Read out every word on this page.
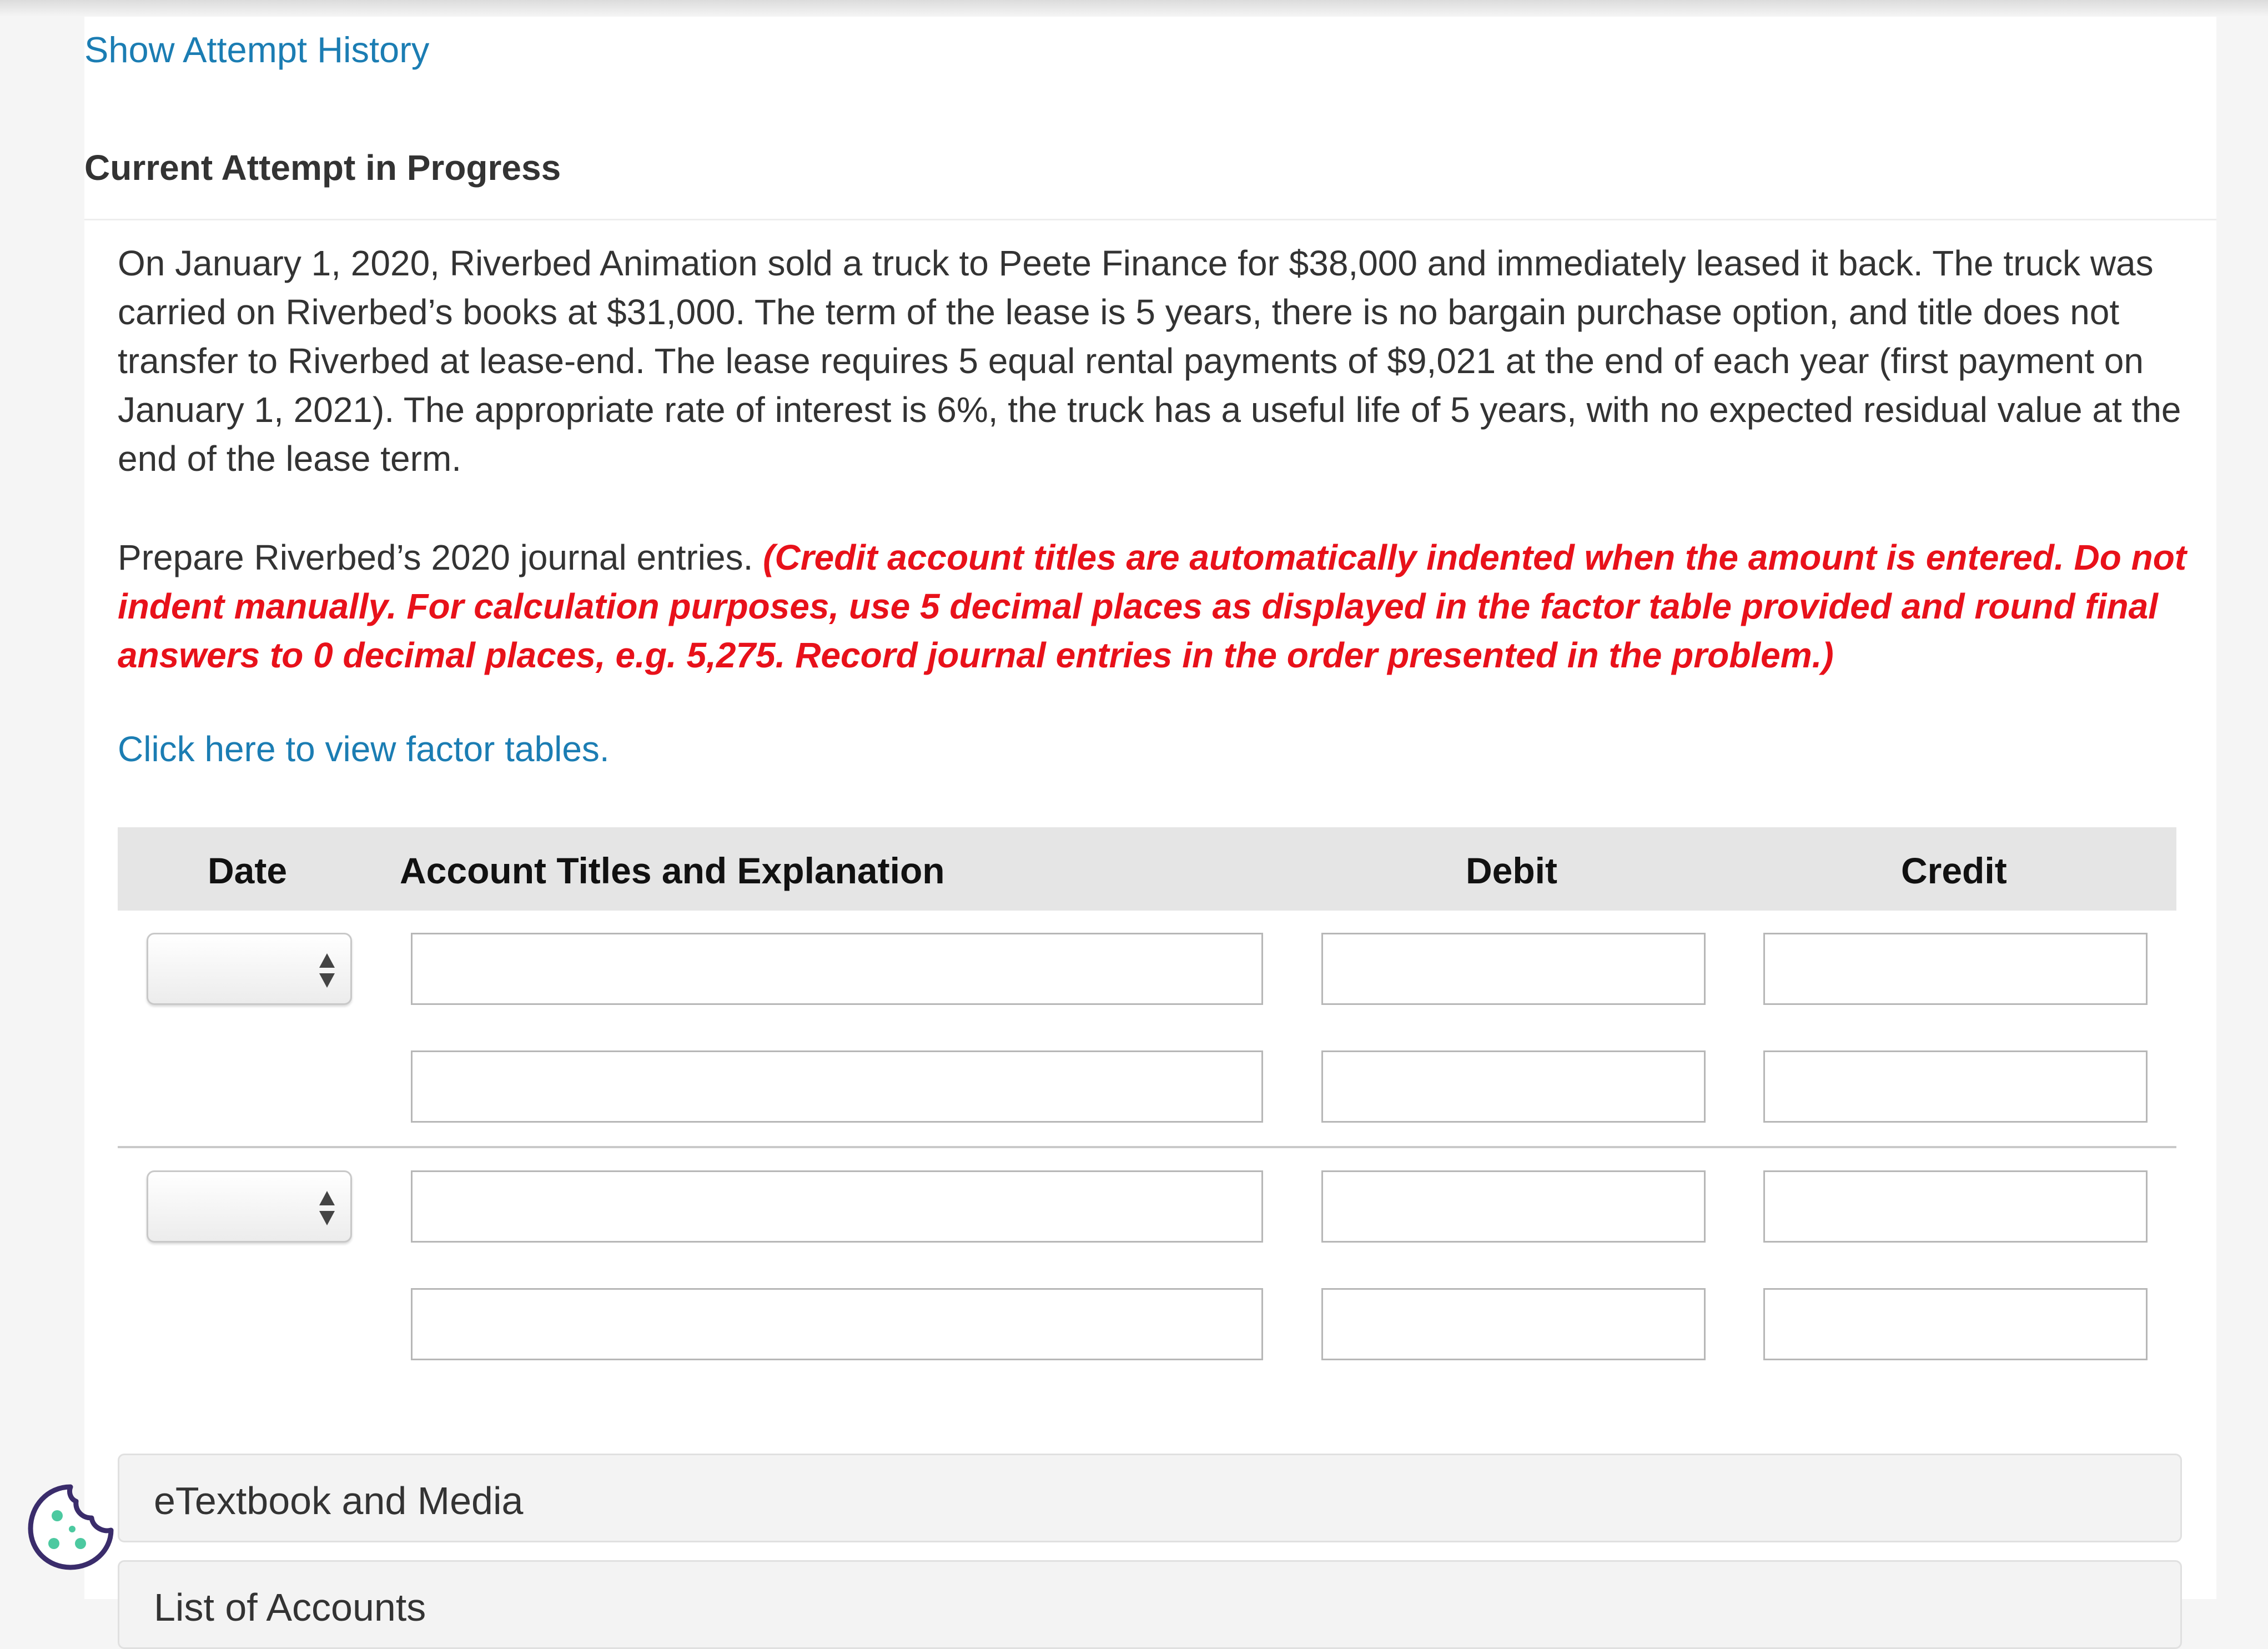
Show Attempt History
Current Attempt in Progress

On January 1, 2020, Riverbed Animation sold a truck to Peete Finance for $38,000 and immediately leased it back. The truck was carried on Riverbed’s books at $31,000. The term of the lease is 5 years, there is no bargain purchase option, and title does not transfer to Riverbed at lease-end. The lease requires 5 equal rental payments of $9,021 at the end of each year (first payment on January 1, 2021). The appropriate rate of interest is 6%, the truck has a useful life of 5 years, with no expected residual value at the end of the lease term.

Prepare Riverbed’s 2020 journal entries. (Credit account titles are automatically indented when the amount is entered. Do not indent manually. For calculation purposes, use 5 decimal places as displayed in the factor table provided and round final answers to 0 decimal places, e.g. 5,275. Record journal entries in the order presented in the problem.)

Click here to view factor tables.
Date	Account Titles and Explanation	Debit	Credit
eTextbook and Media
List of Accounts
